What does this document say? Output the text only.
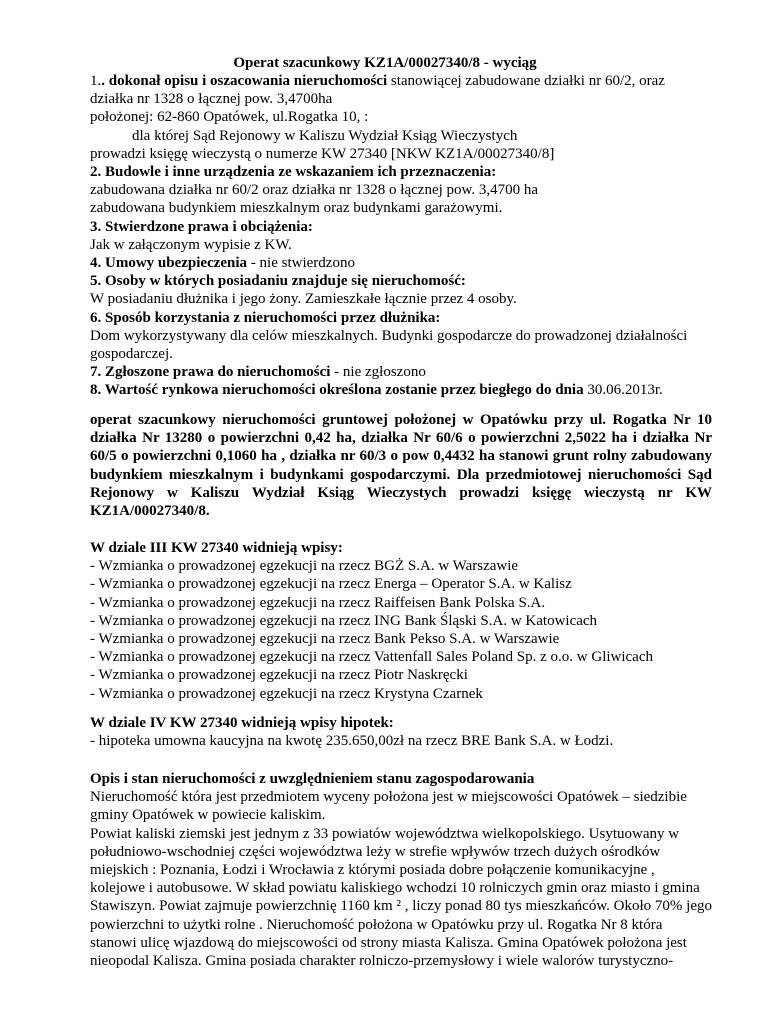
Operat szacunkowy KZ1A/00027340/8 - wyciąg

1.. dokonał opisu i oszacowania nieruchomości stanowiącej zabudowane działki nr 60/2, oraz

działka nr 1328 o łącznej pow. 3,4700ha

położonej: 62-860 Opatówek, ul.Rogatka 10, :

dla której Sąd Rejonowy w Kaliszu Wydział Ksiąg Wieczystych

prowadzi księgę wieczystą o numerze KW 27340 [NKW KZ1A/00027340/8]

2. Budowle i inne urządzenia ze wskazaniem ich przeznaczenia:

zabudowana działka nr 60/2 oraz działka nr 1328 o łącznej pow. 3,4700 ha

zabudowana budynkiem mieszkalnym oraz budynkami garażowymi.

3. Stwierdzone prawa i obciążenia:

Jak w załączonym wypisie z KW.

4. Umowy ubezpieczenia - nie stwierdzono

5. Osoby w których posiadaniu znajduje się nieruchomość:

W posiadaniu dłużnika i jego żony. Zamieszkałe łącznie przez 4 osoby.

6. Sposób korzystania z nieruchomości przez dłużnika:

Dom wykorzystywany dla celów mieszkalnych. Budynki gospodarcze do prowadzonej działalności gospodarczej.

7. Zgłoszone prawa do nieruchomości - nie zgłoszono

8. Wartość rynkowa nieruchomości określona zostanie przez biegłego do dnia 30.06.2013r.

operat szacunkowy nieruchomości gruntowej położonej w Opatówku przy ul. Rogatka Nr 10 działka Nr 13280 o powierzchni 0,42 ha, działka Nr 60/6 o powierzchni 2,5022 ha i działka Nr 60/5 o powierzchni 0,1060 ha , działka nr 60/3 o pow 0,4432 ha stanowi grunt rolny zabudowany budynkiem mieszkalnym i budynkami gospodarczymi. Dla przedmiotowej nieruchomości Sąd Rejonowy w Kaliszu Wydział Ksiąg Wieczystych prowadzi księgę wieczystą nr KW KZ1A/00027340/8.

W dziale III KW 27340 widnieją wpisy:

- Wzmianka o prowadzonej egzekucji na rzecz BGŻ S.A. w Warszawie
- Wzmianka o prowadzonej egzekucji na rzecz Energa – Operator S.A. w Kalisz
- Wzmianka o prowadzonej egzekucji na rzecz Raiffeisen Bank Polska S.A.
- Wzmianka o prowadzonej egzekucji na rzecz ING Bank Śląski S.A. w Katowicach
- Wzmianka o prowadzonej egzekucji na rzecz Bank Pekso S.A. w Warszawie
- Wzmianka o prowadzonej egzekucji na rzecz Vattenfall Sales Poland Sp. z o.o. w Gliwicach
- Wzmianka o prowadzonej egzekucji na rzecz Piotr Naskręcki
- Wzmianka o prowadzonej egzekucji na rzecz Krystyna Czarnek

W dziale IV KW 27340 widnieją wpisy hipotek:

- hipoteka umowna kaucyjna na kwotę 235.650,00zł na rzecz BRE Bank S.A. w Łodzi.

Opis i stan nieruchomości z uwzględnieniem stanu zagospodarowania

Nieruchomość która jest przedmiotem wyceny położona jest w miejscowości Opatówek – siedzibie gminy Opatówek w powiecie kaliskim.

Powiat kaliski ziemski jest jednym z 33 powiatów województwa wielkopolskiego. Usytuowany w południowo-wschodniej części województwa leży w strefie wpływów trzech dużych ośrodków miejskich : Poznania, Łodzi i Wrocławia z którymi posiada dobre połączenie komunikacyjne , kolejowe i autobusowe. W skład powiatu kaliskiego wchodzi 10 rolniczych gmin oraz miasto i gmina Stawiszyn. Powiat zajmuje powierzchnię 1160 km ² , liczy ponad 80 tys mieszkańców. Około 70% jego powierzchni to użytki rolne . Nieruchomość położona w Opatówku przy ul. Rogatka Nr 8 która stanowi ulicę wjazdową do miejscowości od strony miasta Kalisza. Gmina Opatówek położona jest nieopodal Kalisza. Gmina posiada charakter rolniczo-przemysłowy i wiele walorów turystyczno-
